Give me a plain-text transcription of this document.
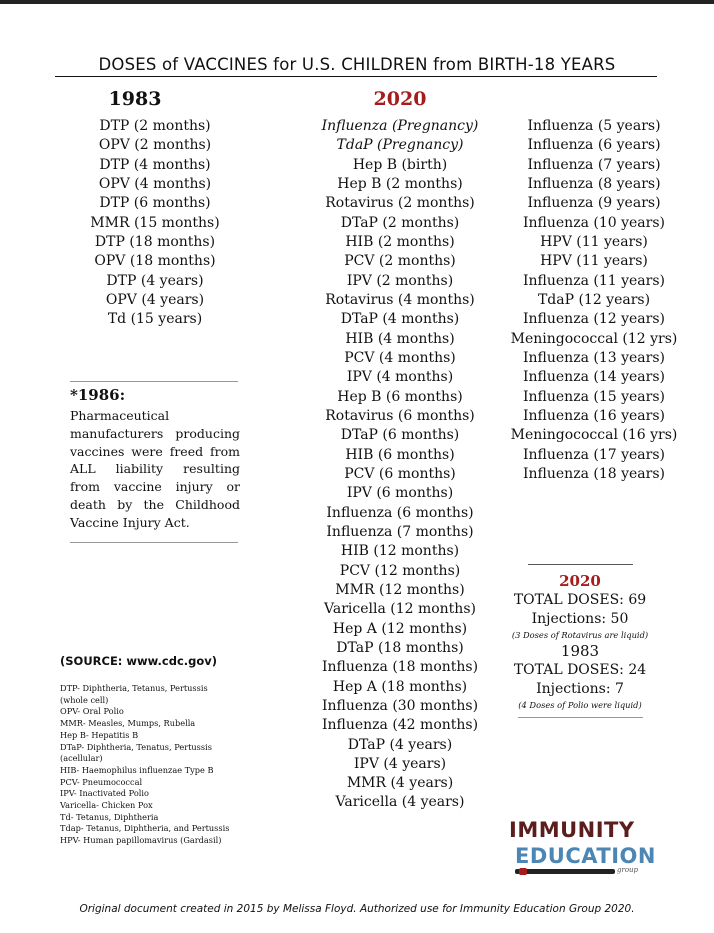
DOSES of VACCINES for U.S. CHILDREN from BIRTH-18 YEARS
1983	2020
DTP (2 months)
OPV (2 months)
DTP (4 months)
OPV (4 months)
DTP (6 months)
MMR (15 months)
DTP (18 months)
OPV (18 months)
DTP (4 years)
OPV (4 years)
Td (15 years)
Influenza (Pregnancy)
TdaP (Pregnancy)
Hep B (birth)
Hep B (2 months)
Rotavirus (2 months)
DTaP (2 months)
HIB (2 months)
PCV (2 months)
IPV (2 months)
Rotavirus (4 months)
DTaP (4 months)
HIB (4 months)
PCV (4 months)
IPV (4 months)
Hep B (6 months)
Rotavirus (6 months)
DTaP (6 months)
HIB (6 months)
PCV (6 months)
IPV (6 months)
Influenza (6 months)
Influenza (7 months)
HIB (12 months)
PCV (12 months)
MMR (12 months)
Varicella (12 months)
Hep A (12 months)
DTaP (18 months)
Influenza (18 months)
Hep A (18 months)
Influenza (30 months)
Influenza (42 months)
DTaP (4 years)
IPV (4 years)
MMR (4 years)
Varicella (4 years)
Influenza (5 years)
Influenza (6 years)
Influenza (7 years)
Influenza (8 years)
Influenza (9 years)
Influenza (10 years)
HPV (11 years)
HPV (11 years)
Influenza (11 years)
TdaP (12 years)
Influenza (12 years)
Meningococcal (12 yrs)
Influenza (13 years)
Influenza (14 years)
Influenza (15 years)
Influenza (16 years)
Meningococcal (16 yrs)
Influenza (17 years)
Influenza (18 years)
*1986:
Pharmaceutical manufacturers producing vaccines were freed from ALL liability resulting from vaccine injury or death by the Childhood Vaccine Injury Act.
(SOURCE: www.cdc.gov)
DTP- Diphtheria, Tetanus, Pertussis
(whole cell)
OPV- Oral Polio
MMR- Measles, Mumps, Rubella
Hep B- Hepatitis B
DTaP- Diphtheria, Tenatus, Pertussis
(acellular)
HIB- Haemophilus influenzae Type B
PCV- Pneumococcal
IPV- Inactivated Polio
Varicella- Chicken Pox
Td- Tetanus, Diphtheria
Tdap- Tetanus, Diphtheria, and Pertussis
HPV- Human papillomavirus (Gardasil)
2020
TOTAL DOSES: 69
Injections: 50
(3 Doses of Rotavirus are liquid)
1983
TOTAL DOSES: 24
Injections: 7
(4 Doses of Polio were liquid)
IMMUNITY
EDUCATION
group
Original document created in 2015 by Melissa Floyd. Authorized use for Immunity Education Group 2020.
